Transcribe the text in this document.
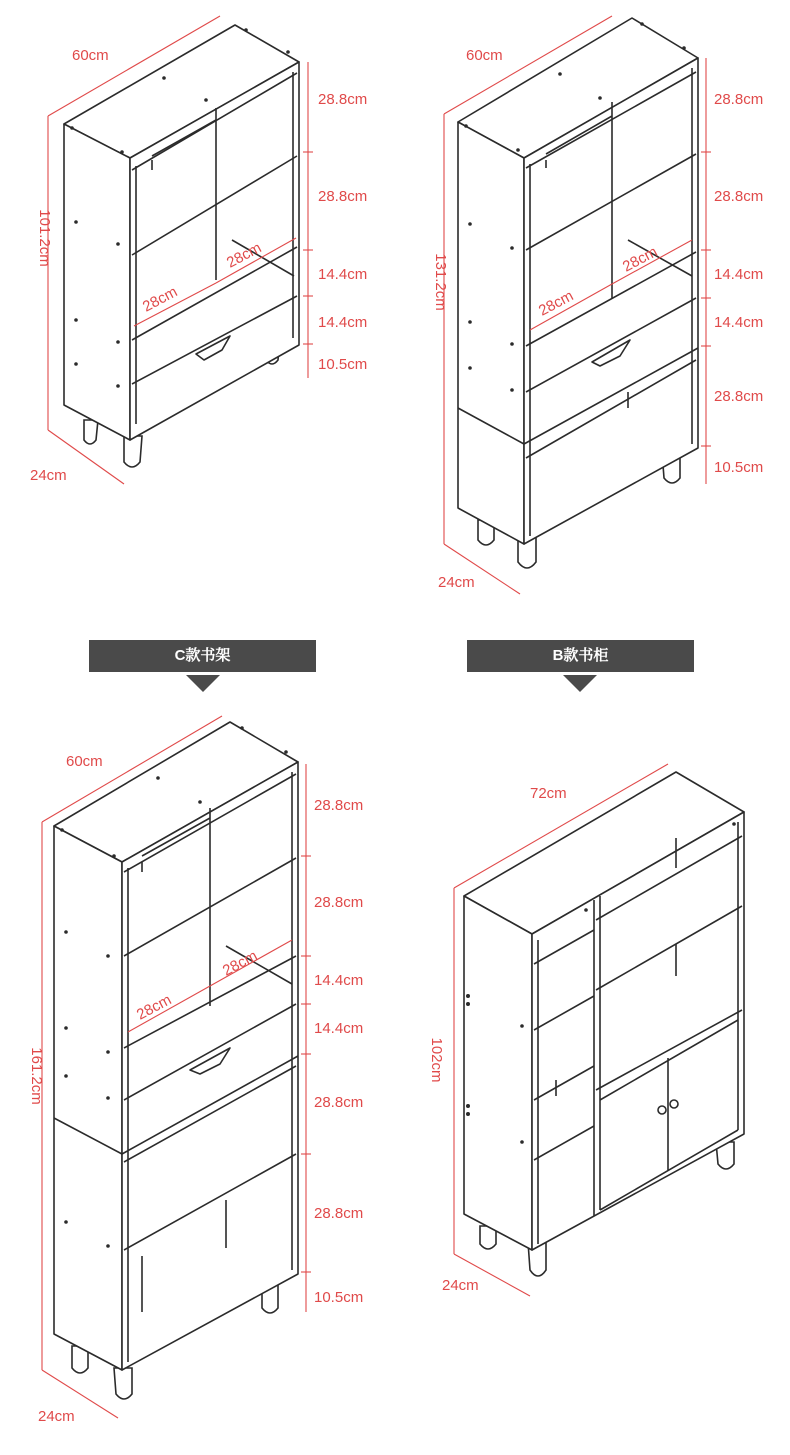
60cm
101.2cm
24cm
28.8cm
28.8cm
14.4cm
14.4cm
10.5cm
28cm
28cm
60cm
131.2cm
24cm
28.8cm
28.8cm
14.4cm
14.4cm
28.8cm
10.5cm
28cm
28cm
60cm
161.2cm
24cm
28.8cm
28.8cm
14.4cm
14.4cm
28.8cm
28.8cm
10.5cm
28cm
28cm
72cm
102cm
24cm
C款书架	B款书柜
